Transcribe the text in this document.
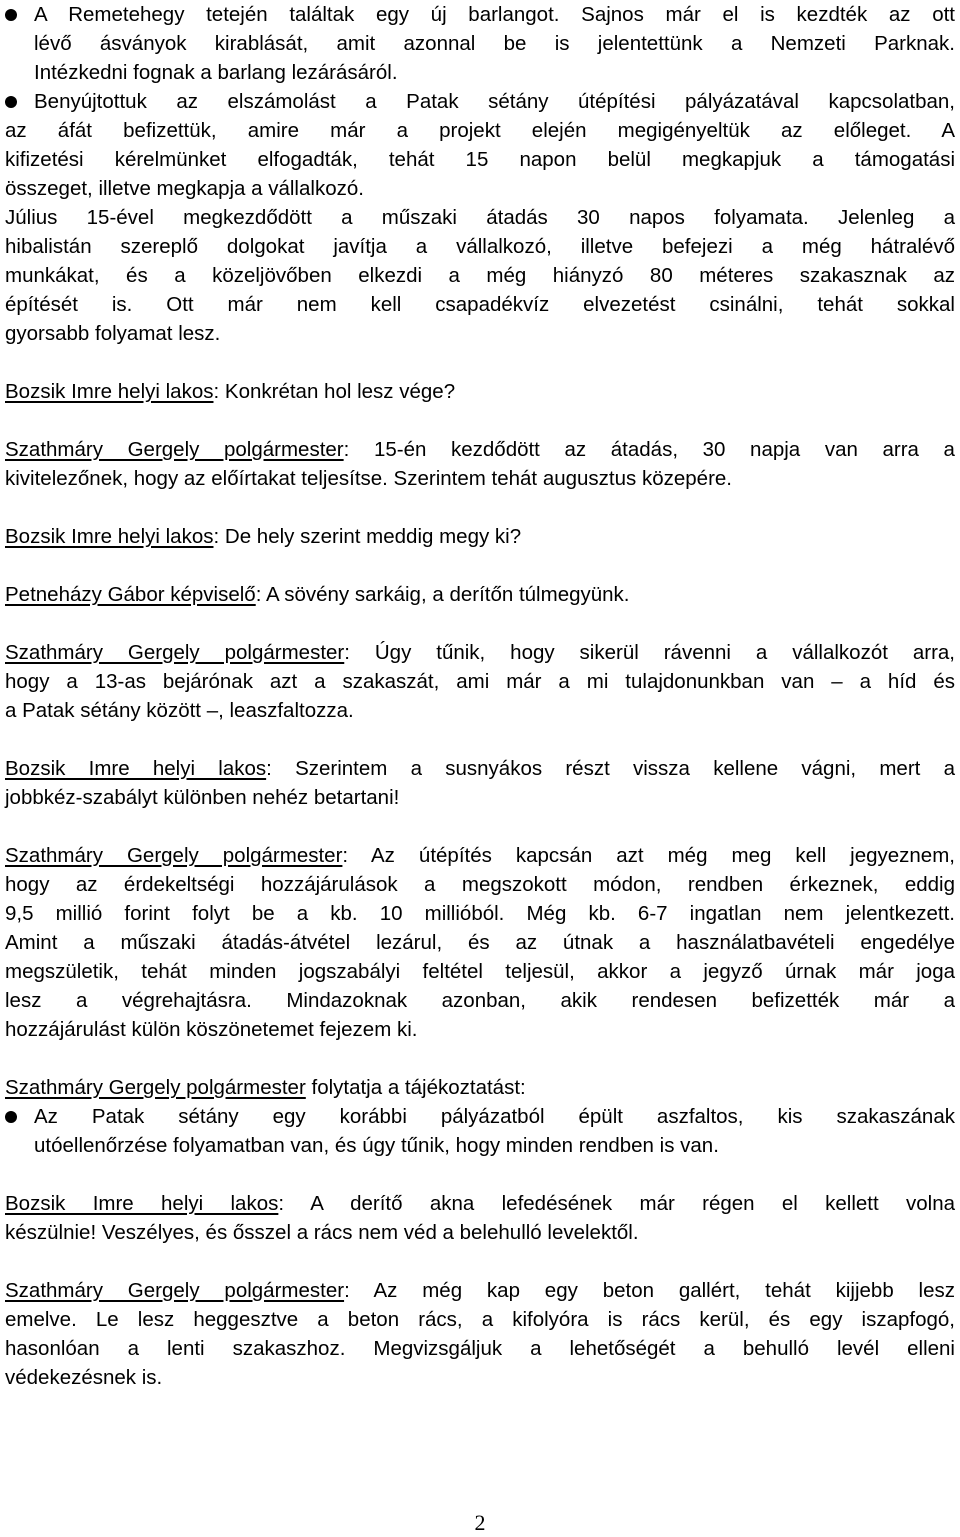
A Remetehegy tetején találtak egy új barlangot. Sajnos már el is kezdték az ott
lévő ásványok kirablását, amit azonnal be is jelentettünk a Nemzeti Parknak.
Intézkedni fognak a barlang lezárásáról.
Benyújtottuk az elszámolást a Patak sétány útépítési pályázatával kapcsolatban,
az áfát befizettük, amire már a projekt elején megigényeltük az előleget. A
kifizetési kérelmünket elfogadták, tehát 15 napon belül megkapjuk a támogatási
összeget, illetve megkapja a vállalkozó.
Július 15-ével megkezdődött a műszaki átadás 30 napos folyamata. Jelenleg a
hibalistán szereplő dolgokat javítja a vállalkozó, illetve befejezi a még hátralévő
munkákat, és a közeljövőben elkezdi a még hiányzó 80 méteres szakasznak az
építését is. Ott már nem kell csapadékvíz elvezetést csinálni, tehát sokkal
gyorsabb folyamat lesz.
Bozsik Imre helyi lakos: Konkrétan hol lesz vége?
Szathmáry Gergely polgármester: 15-én kezdődött az átadás, 30 napja van arra a
kivitelezőnek, hogy az előírtakat teljesítse. Szerintem tehát augusztus közepére.
Bozsik Imre helyi lakos: De hely szerint meddig megy ki?
Petneházy Gábor képviselő: A sövény sarkáig, a derítőn túlmegyünk.
Szathmáry Gergely polgármester: Úgy tűnik, hogy sikerül rávenni a vállalkozót arra,
hogy a 13-as bejárónak azt a szakaszát, ami már a mi tulajdonunkban van – a híd és
a Patak sétány között –, leaszfaltozza.
Bozsik Imre helyi lakos: Szerintem a susnyákos részt vissza kellene vágni, mert a
jobbkéz-szabályt különben nehéz betartani!
Szathmáry Gergely polgármester: Az útépítés kapcsán azt még meg kell jegyeznem,
hogy az érdekeltségi hozzájárulások a megszokott módon, rendben érkeznek, eddig
9,5 millió forint folyt be a kb. 10 millióból. Még kb. 6-7 ingatlan nem jelentkezett.
Amint a műszaki átadás-átvétel lezárul, és az útnak a használatbavételi engedélye
megszületik, tehát minden jogszabályi feltétel teljesül, akkor a jegyző úrnak már joga
lesz a végrehajtásra. Mindazoknak azonban, akik rendesen befizették már a
hozzájárulást külön köszönetemet fejezem ki.
Szathmáry Gergely polgármester folytatja a tájékoztatást:
Az Patak sétány egy korábbi pályázatból épült aszfaltos, kis szakaszának
utóellenőrzése folyamatban van, és úgy tűnik, hogy minden rendben is van.
Bozsik Imre helyi lakos: A derítő akna lefedésének már régen el kellett volna
készülnie! Veszélyes, és ősszel a rács nem véd a belehulló levelektől.
Szathmáry Gergely polgármester: Az még kap egy beton gallért, tehát kijjebb lesz
emelve. Le lesz heggesztve a beton rács, a kifolyóra is rács kerül, és egy iszapfogó,
hasonlóan a lenti szakaszhoz. Megvizsgáljuk a lehetőségét a behulló levél elleni
védekezésnek is.
2
